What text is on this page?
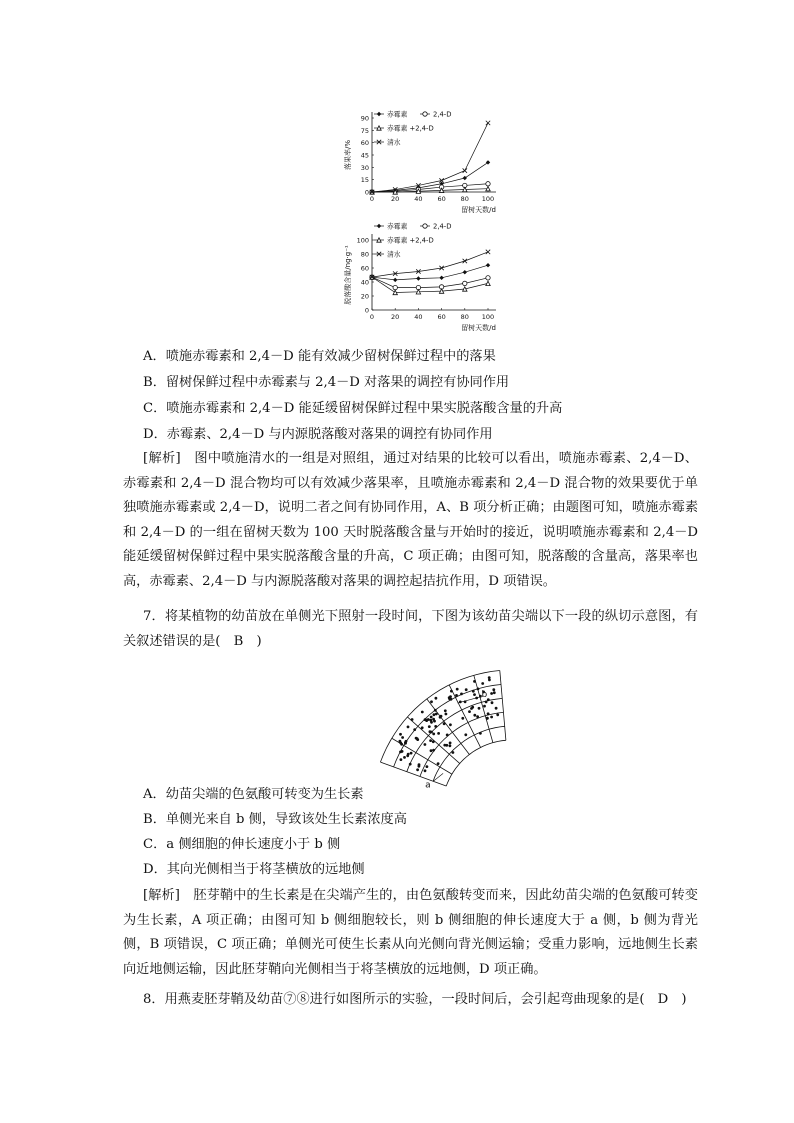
0
15
30
45
60
75
90
0	20 40 60 80 100
留树天数/d
落果率/%
赤霉素	2,4-D
赤霉素 +2,4-D
清水
0
20
40
60
80
100
0	20 40 60 80 100
留树天数/d
脱落酸含量/ng·g⁻¹
赤霉素	2,4-D
赤霉素 +2,4-D
清水
A．喷施赤霉素和 2,4－D 能有效减少留树保鲜过程中的落果
B．留树保鲜过程中赤霉素与 2,4－D 对落果的调控有协同作用
C．喷施赤霉素和 2,4－D 能延缓留树保鲜过程中果实脱落酸含量的升高
D．赤霉素、2,4－D 与内源脱落酸对落果的调控有协同作用
[解析]　图中喷施清水的一组是对照组，通过对结果的比较可以看出，喷施赤霉素、2,4－D、赤霉素和 2,4－D 混合物均可以有效减少落果率，且喷施赤霉素和 2,4－D 混合物的效果要优于单独喷施赤霉素或 2,4－D，说明二者之间有协同作用，A、B 项分析正确；由题图可知，喷施赤霉素和 2,4－D 的一组在留树天数为 100 天时脱落酸含量与开始时的接近，说明喷施赤霉素和 2,4－D 能延缓留树保鲜过程中果实脱落酸含量的升高，C 项正确；由图可知，脱落酸的含量高，落果率也高，赤霉素、2,4－D 与内源脱落酸对落果的调控起拮抗作用，D 项错误。
7．将某植物的幼苗放在单侧光下照射一段时间，下图为该幼苗尖端以下一段的纵切示意图，有关叙述错误的是(　B　)
b
a
A．幼苗尖端的色氨酸可转变为生长素
B．单侧光来自 b 侧，导致该处生长素浓度高
C．a 侧细胞的伸长速度小于 b 侧
D．其向光侧相当于将茎横放的远地侧
[解析]　胚芽鞘中的生长素是在尖端产生的，由色氨酸转变而来，因此幼苗尖端的色氨酸可转变为生长素，A 项正确；由图可知 b 侧细胞较长，则 b 侧细胞的伸长速度大于 a 侧，b 侧为背光侧，B 项错误，C 项正确；单侧光可使生长素从向光侧向背光侧运输；受重力影响，远地侧生长素向近地侧运输，因此胚芽鞘向光侧相当于将茎横放的远地侧，D 项正确。
8．用燕麦胚芽鞘及幼苗⑦⑧进行如图所示的实验，一段时间后，会引起弯曲现象的是(　D　)
